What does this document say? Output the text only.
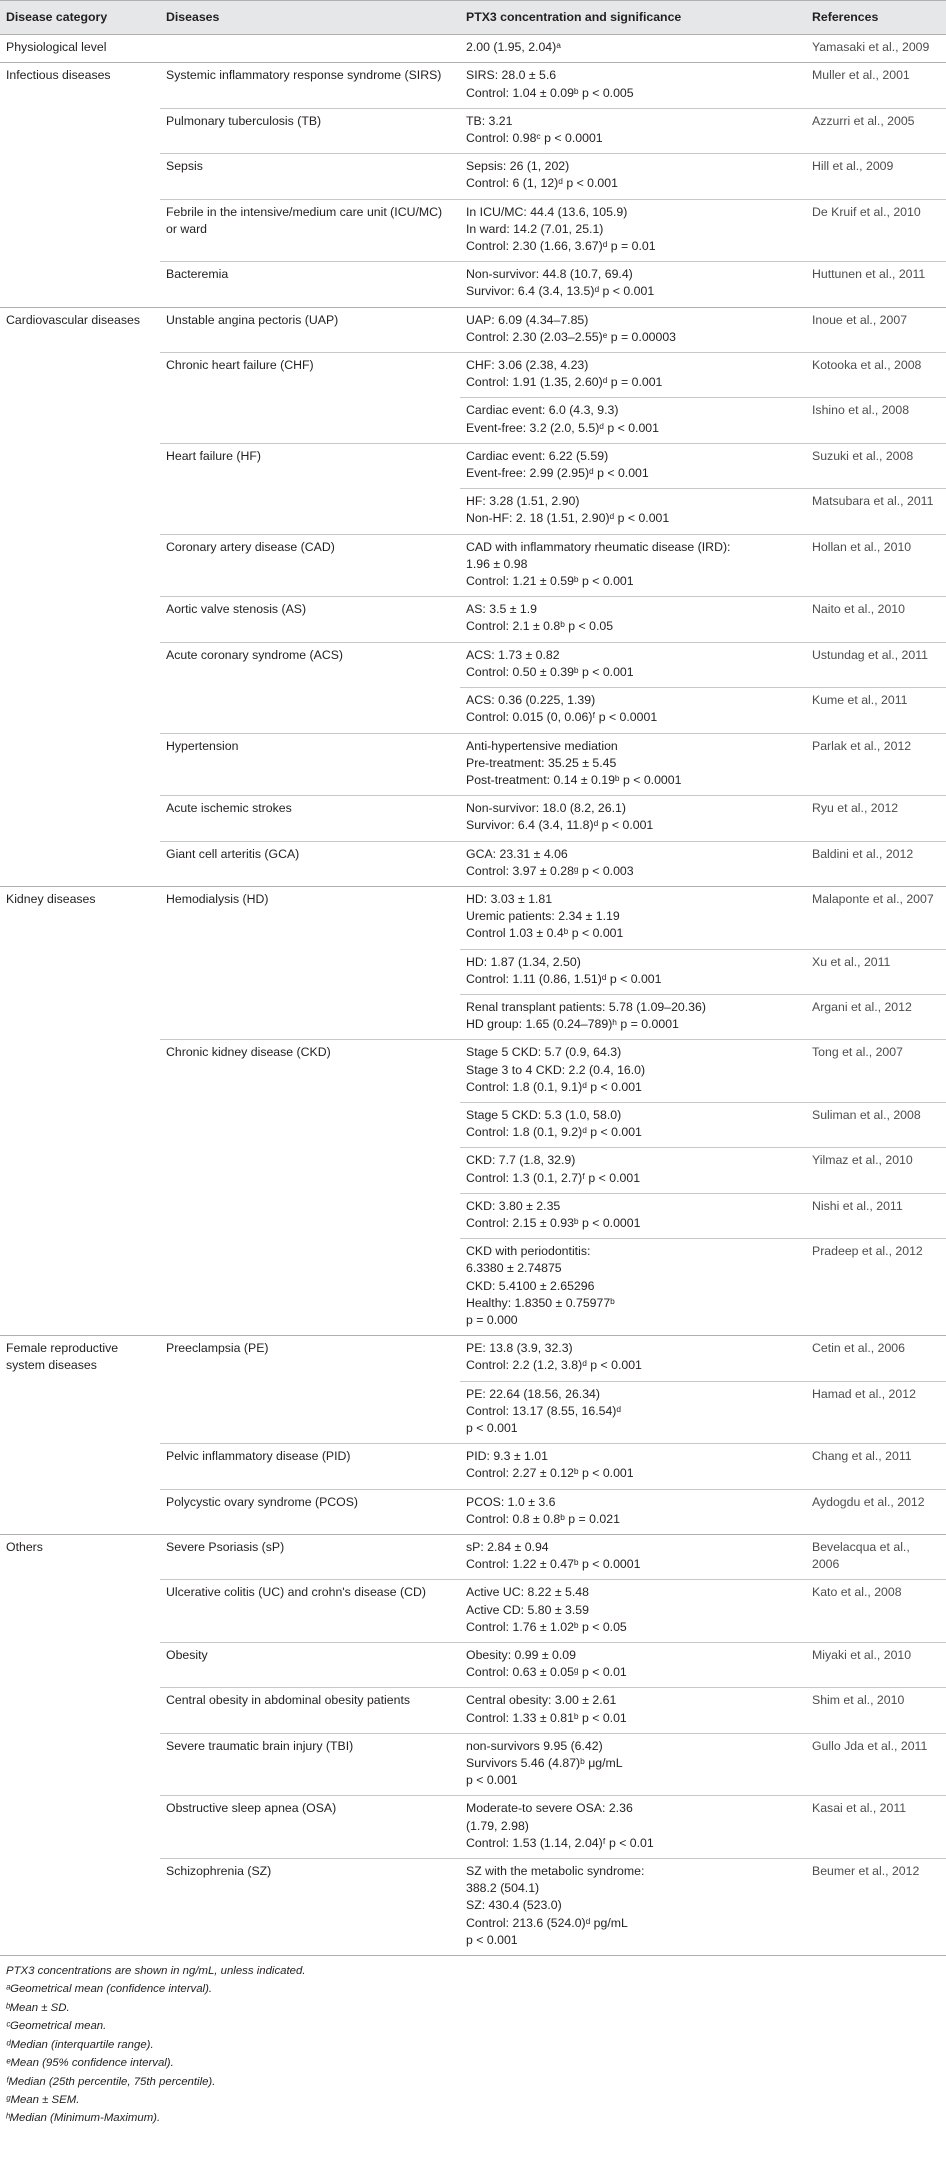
Disease category	Diseases	PTX3 concentration and significance	References
Physiological level		2.00 (1.95, 2.04)ᵃ	Yamasaki et al., 2009
Infectious diseases	Systemic inflammatory response syndrome (SIRS)	SIRS: 28.0 ± 5.6
Control: 1.04 ± 0.09ᵇ p < 0.005	Muller et al., 2001
	Pulmonary tuberculosis (TB)	TB: 3.21
Control: 0.98ᶜ p < 0.0001	Azzurri et al., 2005
	Sepsis	Sepsis: 26 (1, 202)
Control: 6 (1, 12)ᵈ p < 0.001	Hill et al., 2009
	Febrile in the intensive/medium care unit (ICU/MC) or ward	In ICU/MC: 44.4 (13.6, 105.9)
In ward: 14.2 (7.01, 25.1)
Control: 2.30 (1.66, 3.67)ᵈ p = 0.01	De Kruif et al., 2010
	Bacteremia	Non-survivor: 44.8 (10.7, 69.4)
Survivor: 6.4 (3.4, 13.5)ᵈ p < 0.001	Huttunen et al., 2011
Cardiovascular diseases	Unstable angina pectoris (UAP)	UAP: 6.09 (4.34–7.85)
Control: 2.30 (2.03–2.55)ᵉ p = 0.00003	Inoue et al., 2007
	Chronic heart failure (CHF)	CHF: 3.06 (2.38, 4.23)
Control: 1.91 (1.35, 2.60)ᵈ p = 0.001	Kotooka et al., 2008

		Cardiac event: 6.0 (4.3, 9.3)
Event-free: 3.2 (2.0, 5.5)ᵈ p < 0.001	Ishino et al., 2008
	Heart failure (HF)	Cardiac event: 6.22 (5.59)
Event-free: 2.99 (2.95)ᵈ p < 0.001	Suzuki et al., 2008

		HF: 3.28 (1.51, 2.90)
Non-HF: 2. 18 (1.51, 2.90)ᵈ p < 0.001	Matsubara et al., 2011
	Coronary artery disease (CAD)	CAD with inflammatory rheumatic disease (IRD):
1.96 ± 0.98
Control: 1.21 ± 0.59ᵇ p < 0.001	Hollan et al., 2010
	Aortic valve stenosis (AS)	AS: 3.5 ± 1.9
Control: 2.1 ± 0.8ᵇ p < 0.05	Naito et al., 2010
	Acute coronary syndrome (ACS)	ACS: 1.73 ± 0.82
Control: 0.50 ± 0.39ᵇ p < 0.001	Ustundag et al., 2011

		ACS: 0.36 (0.225, 1.39)
Control: 0.015 (0, 0.06)ᶠ p < 0.0001	Kume et al., 2011
	Hypertension	Anti-hypertensive mediation
Pre-treatment: 35.25 ± 5.45
Post-treatment: 0.14 ± 0.19ᵇ p < 0.0001	Parlak et al., 2012
	Acute ischemic strokes	Non-survivor: 18.0 (8.2, 26.1)
Survivor: 6.4 (3.4, 11.8)ᵈ p < 0.001	Ryu et al., 2012
	Giant cell arteritis (GCA)	GCA: 23.31 ± 4.06
Control: 3.97 ± 0.28ᵍ p < 0.003	Baldini et al., 2012
Kidney diseases	Hemodialysis (HD)	HD: 3.03 ± 1.81
Uremic patients: 2.34 ± 1.19
Control 1.03 ± 0.4ᵇ p < 0.001	Malaponte et al., 2007

		HD: 1.87 (1.34, 2.50)
Control: 1.11 (0.86, 1.51)ᵈ p < 0.001	Xu et al., 2011

		Renal transplant patients: 5.78 (1.09–20.36)
HD group: 1.65 (0.24–789)ʰ p = 0.0001	Argani et al., 2012
	Chronic kidney disease (CKD)	Stage 5 CKD: 5.7 (0.9, 64.3)
Stage 3 to 4 CKD: 2.2 (0.4, 16.0)
Control: 1.8 (0.1, 9.1)ᵈ p < 0.001	Tong et al., 2007

		Stage 5 CKD: 5.3 (1.0, 58.0)
Control: 1.8 (0.1, 9.2)ᵈ p < 0.001	Suliman et al., 2008

		CKD: 7.7 (1.8, 32.9)
Control: 1.3 (0.1, 2.7)ᶠ p < 0.001	Yilmaz et al., 2010

		CKD: 3.80 ± 2.35
Control: 2.15 ± 0.93ᵇ p < 0.0001	Nishi et al., 2011

		CKD with periodontitis:
6.3380 ± 2.74875
CKD: 5.4100 ± 2.65296
Healthy: 1.8350 ± 0.75977ᵇ
p = 0.000	Pradeep et al., 2012
Female reproductive system diseases	Preeclampsia (PE)	PE: 13.8 (3.9, 32.3)
Control: 2.2 (1.2, 3.8)ᵈ p < 0.001	Cetin et al., 2006

		PE: 22.64 (18.56, 26.34)
Control: 13.17 (8.55, 16.54)ᵈ
p < 0.001	Hamad et al., 2012
	Pelvic inflammatory disease (PID)	PID: 9.3 ± 1.01
Control: 2.27 ± 0.12ᵇ p < 0.001	Chang et al., 2011
	Polycystic ovary syndrome (PCOS)	PCOS: 1.0 ± 3.6
Control: 0.8 ± 0.8ᵇ p = 0.021	Aydogdu et al., 2012
Others	Severe Psoriasis (sP)	sP: 2.84 ± 0.94
Control: 1.22 ± 0.47ᵇ p < 0.0001	Bevelacqua et al., 2006
	Ulcerative colitis (UC) and crohn's disease (CD)	Active UC: 8.22 ± 5.48
Active CD: 5.80 ± 3.59
Control: 1.76 ± 1.02ᵇ p < 0.05	Kato et al., 2008
	Obesity	Obesity: 0.99 ± 0.09
Control: 0.63 ± 0.05ᵍ p < 0.01	Miyaki et al., 2010
	Central obesity in abdominal obesity patients	Central obesity: 3.00 ± 2.61
Control: 1.33 ± 0.81ᵇ p < 0.01	Shim et al., 2010
	Severe traumatic brain injury (TBI)	non-survivors 9.95 (6.42)
Survivors 5.46 (4.87)ᵇ μg/mL
p < 0.001	Gullo Jda et al., 2011
	Obstructive sleep apnea (OSA)	Moderate-to severe OSA: 2.36
(1.79, 2.98)
Control: 1.53 (1.14, 2.04)ᶠ p < 0.01	Kasai et al., 2011
	Schizophrenia (SZ)	SZ with the metabolic syndrome:
388.2 (504.1)
SZ: 430.4 (523.0)
Control: 213.6 (524.0)ᵈ pg/mL
p < 0.001	Beumer et al., 2012
PTX3 concentrations are shown in ng/mL, unless indicated.
ᵃGeometrical mean (confidence interval).
ᵇMean ± SD.
ᶜGeometrical mean.
ᵈMedian (interquartile range).
ᵉMean (95% confidence interval).
ᶠMedian (25th percentile, 75th percentile).
ᵍMean ± SEM.
ʰMedian (Minimum-Maximum).
